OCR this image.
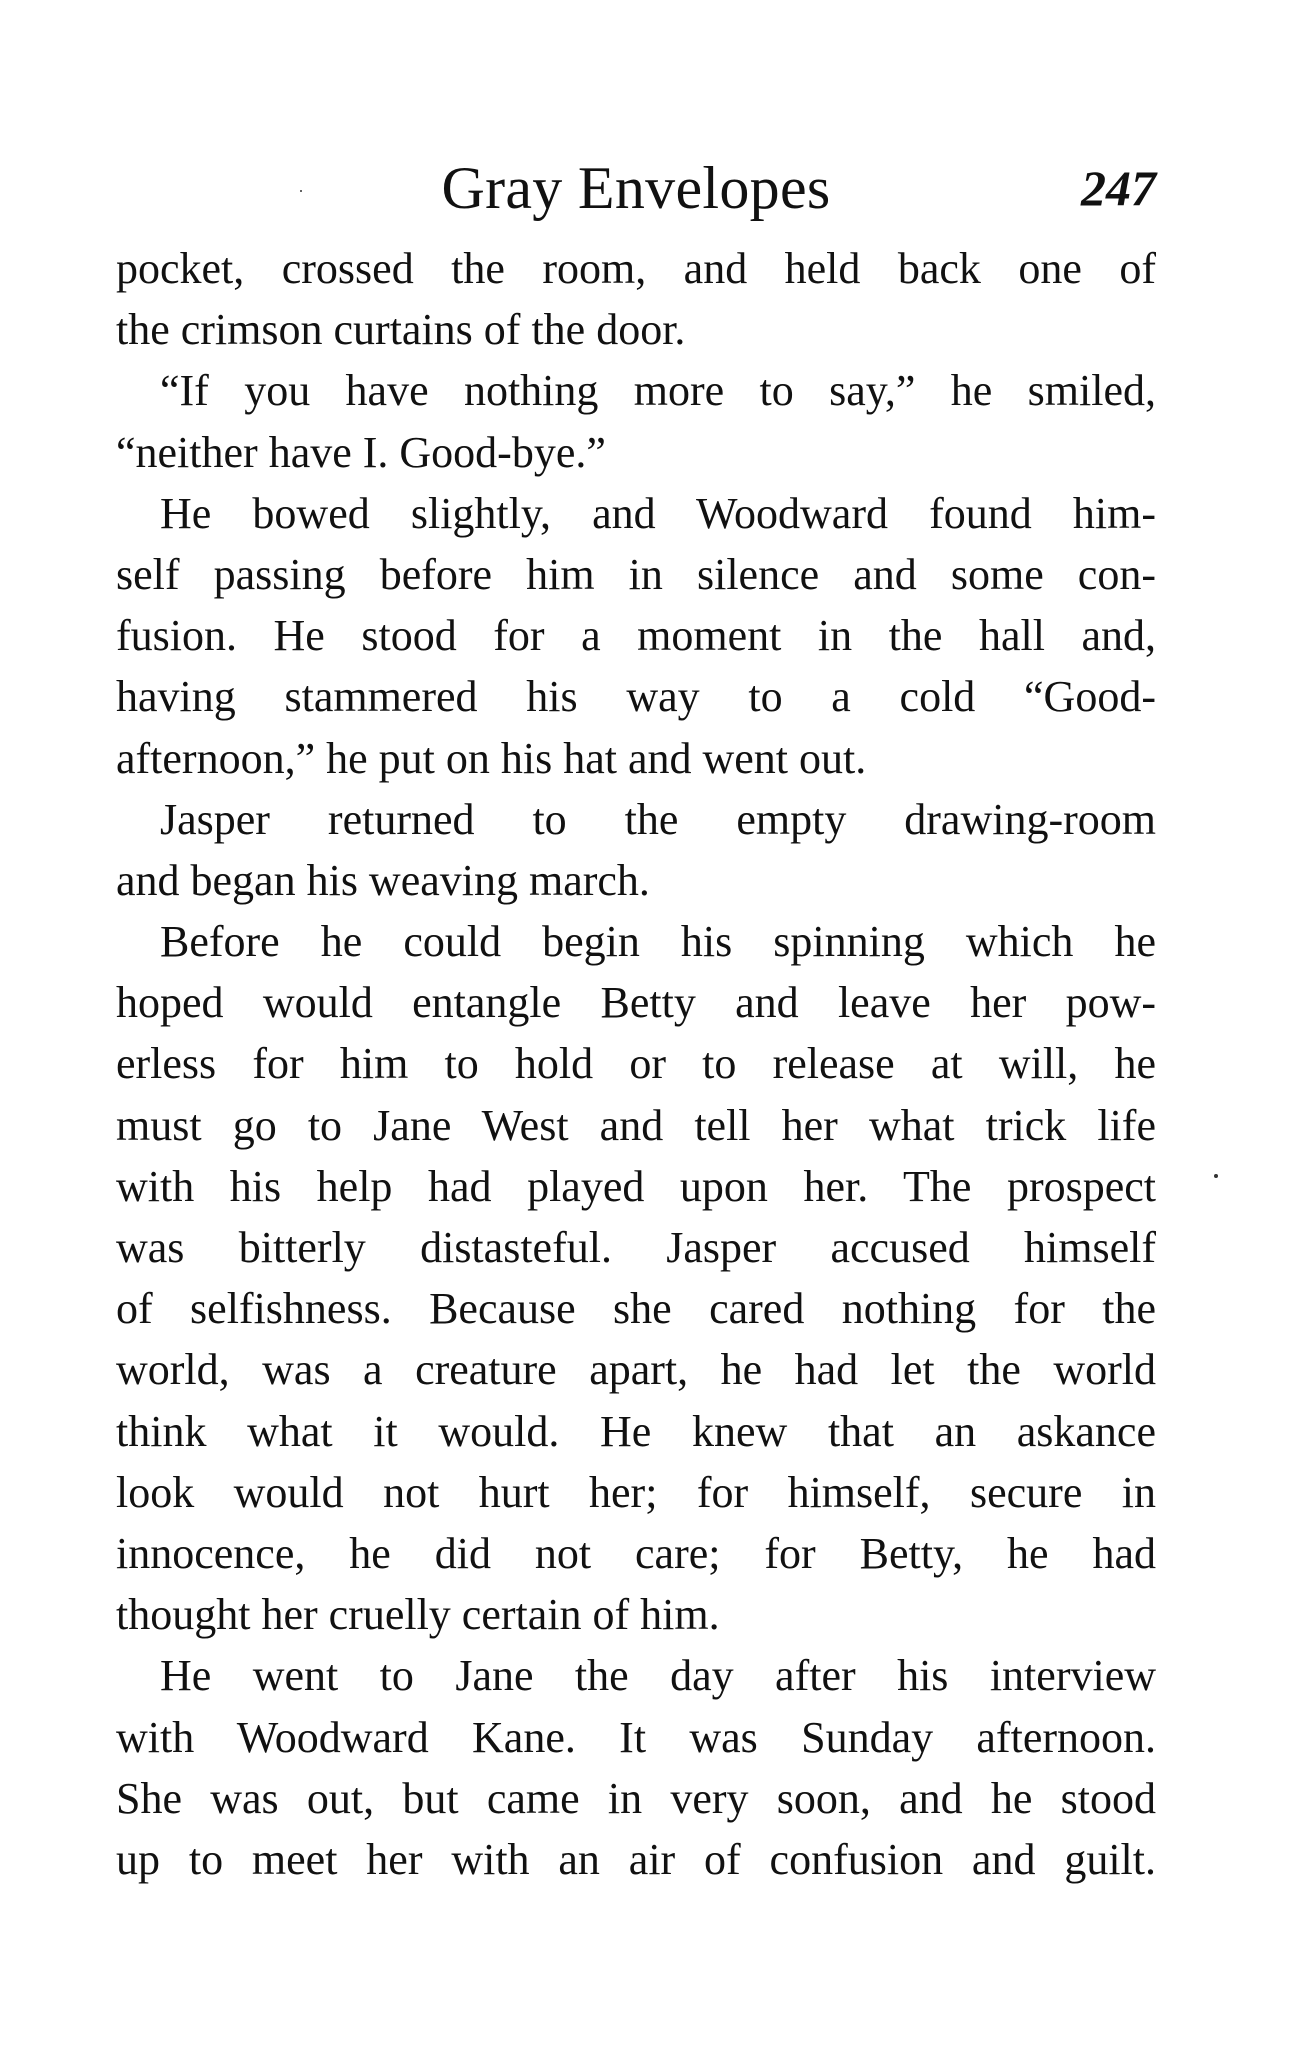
Gray Envelopes	247
pocket, crossed the room, and held back one of
the crimson curtains of the door.
“If you have nothing more to say,” he smiled,
“neither have I. Good-bye.”
He bowed slightly, and Woodward found him-
self passing before him in silence and some con-
fusion. He stood for a moment in the hall and,
having stammered his way to a cold “Good-
afternoon,” he put on his hat and went out.
Jasper returned to the empty drawing-room
and began his weaving march.
Before he could begin his spinning which he
hoped would entangle Betty and leave her pow-
erless for him to hold or to release at will, he
must go to Jane West and tell her what trick life
with his help had played upon her. The prospect
was bitterly distasteful. Jasper accused himself
of selfishness. Because she cared nothing for the
world, was a creature apart, he had let the world
think what it would. He knew that an askance
look would not hurt her; for himself, secure in
innocence, he did not care; for Betty, he had
thought her cruelly certain of him.
He went to Jane the day after his interview
with Woodward Kane. It was Sunday afternoon.
She was out, but came in very soon, and he stood
up to meet her with an air of confusion and guilt.
